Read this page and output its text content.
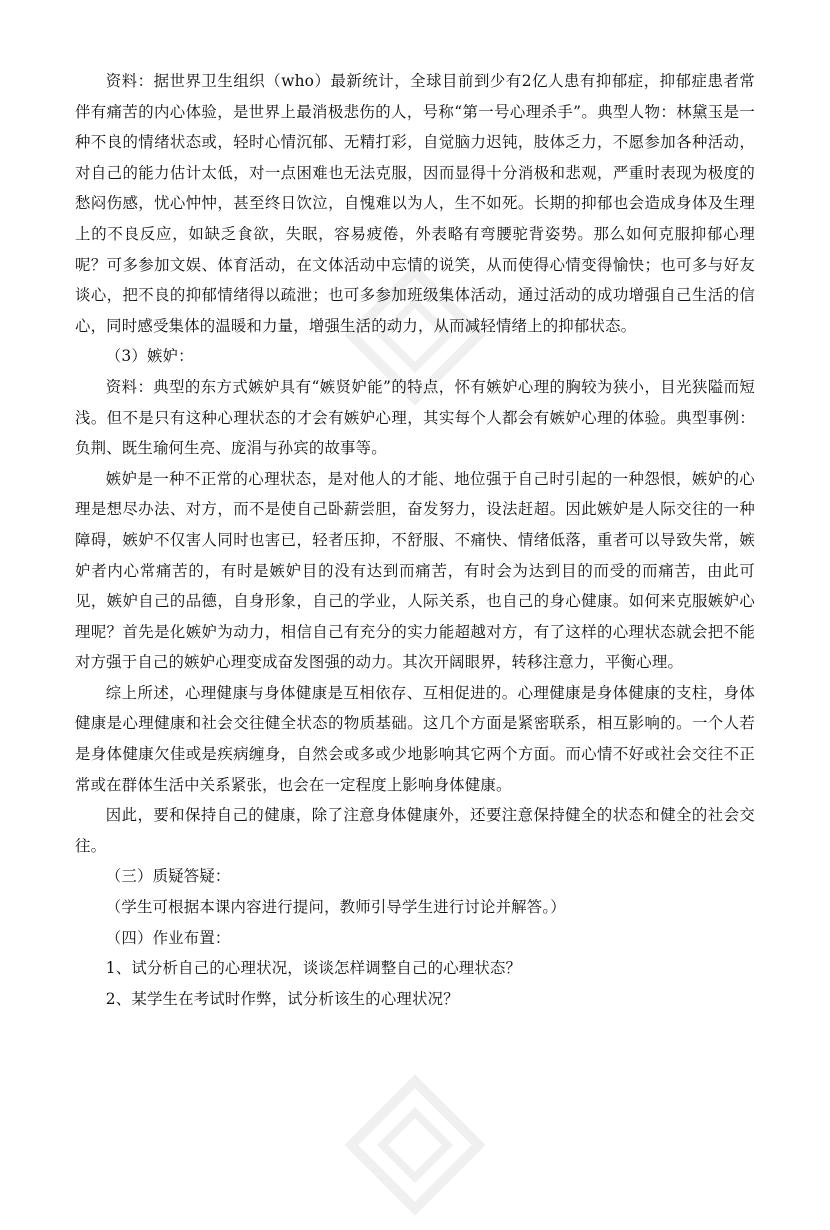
资料：据世界卫生组织（who）最新统计，全球目前到少有2亿人患有抑郁症，抑郁症患者常伴有痛苦的内心体验，是世界上最消极悲伤的人，号称“第一号心理杀手”。典型人物：林黛玉是一种不良的情绪状态或，轻时心情沉郁、无精打彩，自觉脑力迟钝，肢体乏力，不愿参加各种活动，对自己的能力估计太低，对一点困难也无法克服，因而显得十分消极和悲观，严重时表现为极度的愁闷伤感，忧心忡忡，甚至终日饮泣，自愧难以为人，生不如死。长期的抑郁也会造成身体及生理上的不良反应，如缺乏食欲，失眠，容易疲倦，外表略有弯腰驼背姿势。那么如何克服抑郁心理呢？可多参加文娱、体育活动，在文体活动中忘情的说笑，从而使得心情变得愉快；也可多与好友谈心，把不良的抑郁情绪得以疏泄；也可多参加班级集体活动，通过活动的成功增强自己生活的信心，同时感受集体的温暖和力量，增强生活的动力，从而减轻情绪上的抑郁状态。

（3）嫉妒：

资料：典型的东方式嫉妒具有“嫉贤妒能”的特点，怀有嫉妒心理的胸较为狭小，目光狭隘而短浅。但不是只有这种心理状态的才会有嫉妒心理，其实每个人都会有嫉妒心理的体验。典型事例：负荆、既生瑜何生亮、庞涓与孙宾的故事等。

嫉妒是一种不正常的心理状态，是对他人的才能、地位强于自己时引起的一种怨恨，嫉妒的心理是想尽办法、对方，而不是使自己卧薪尝胆，奋发努力，设法赶超。因此嫉妒是人际交往的一种障碍，嫉妒不仅害人同时也害已，轻者压抑，不舒服、不痛快、情绪低落，重者可以导致失常，嫉妒者内心常痛苦的，有时是嫉妒目的没有达到而痛苦，有时会为达到目的而受的而痛苦，由此可见，嫉妒自己的品德，自身形象，自己的学业，人际关系，也自己的身心健康。如何来克服嫉妒心理呢？首先是化嫉妒为动力，相信自己有充分的实力能超越对方，有了这样的心理状态就会把不能对方强于自己的嫉妒心理变成奋发图强的动力。其次开阔眼界，转移注意力，平衡心理。

综上所述，心理健康与身体健康是互相依存、互相促进的。心理健康是身体健康的支柱，身体健康是心理健康和社会交往健全状态的物质基础。这几个方面是紧密联系，相互影响的。一个人若是身体健康欠佳或是疾病缠身，自然会或多或少地影响其它两个方面。而心情不好或社会交往不正常或在群体生活中关系紧张，也会在一定程度上影响身体健康。

因此，要和保持自己的健康，除了注意身体健康外，还要注意保持健全的状态和健全的社会交往。

（三）质疑答疑：

（学生可根据本课内容进行提问，教师引导学生进行讨论并解答。）

（四）作业布置：

1、试分析自己的心理状况，谈谈怎样调整自己的心理状态？

2、某学生在考试时作弊，试分析该生的心理状况？
